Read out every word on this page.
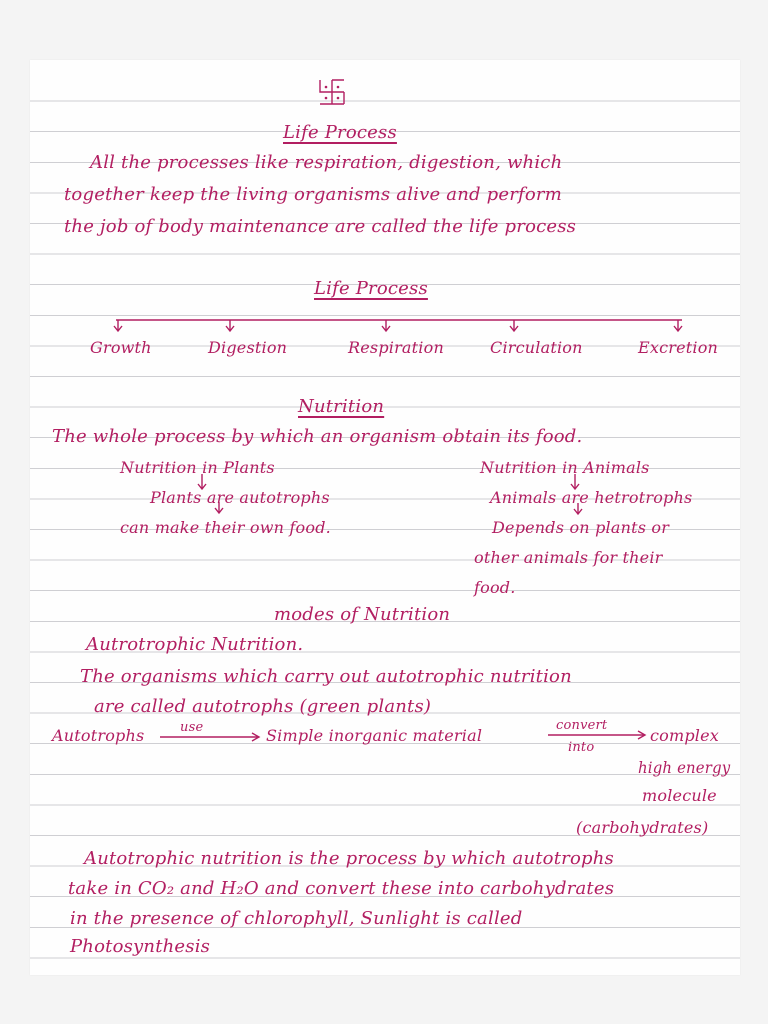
Life Process
All the processes like respiration, digestion, which
together keep the living organisms alive and perform
the job of body maintenance are called the life process
Life Process
Growth	Digestion	Respiration	Circulation	Excretion
Nutrition
The whole process by which an organism obtain its food.
Nutrition in Plants
Plants are autotrophs
can make their own food.
Nutrition in Animals
Animals are hetrotrophs
Depends on plants or
other animals for their
food.
modes of Nutrition
Autrotrophic Nutrition.
The organisms which carry out autotrophic nutrition
are called autotrophs (green plants)
Autotrophs	use	Simple inorganic material
convert
into
complex
high energy
molecule
(carbohydrates)
Autotrophic nutrition is the process by which autotrophs
take in CO₂ and H₂O and convert these into carbohydrates
in the presence of chlorophyll, Sunlight is called
Photosynthesis
